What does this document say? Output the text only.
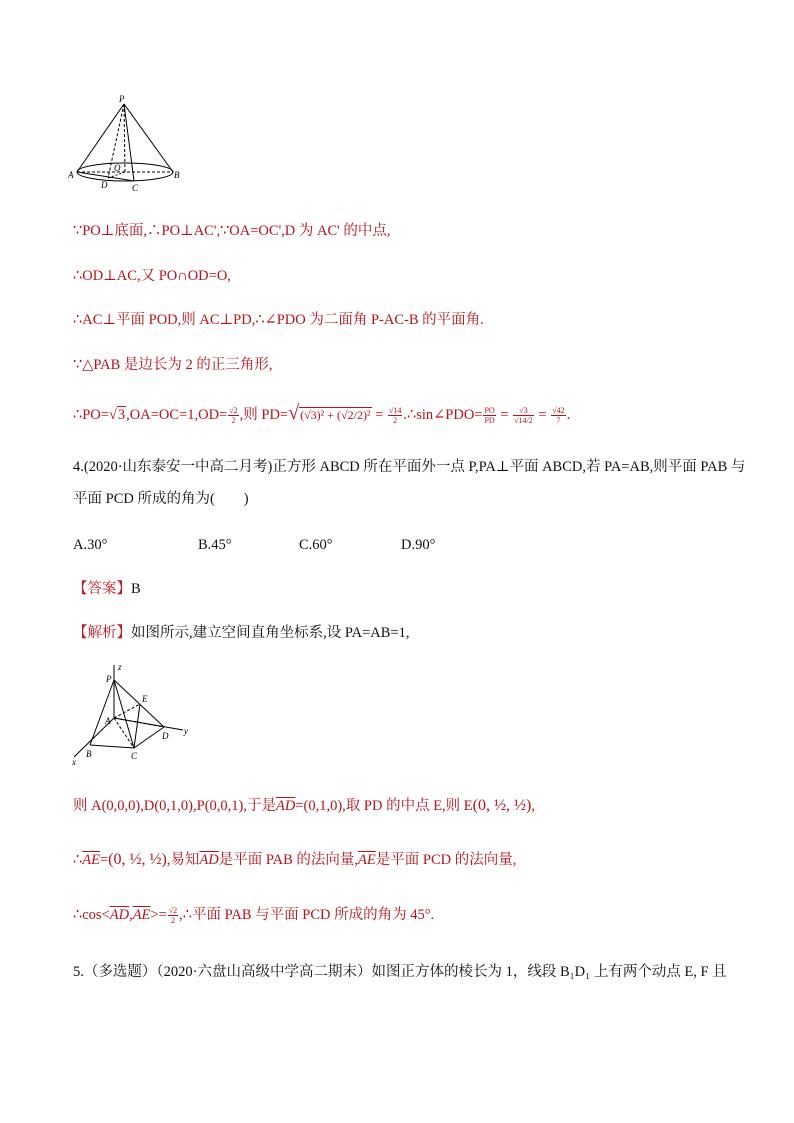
P
A	B
O
D	C
∵PO⊥底面,∴PO⊥AC',∵OA=OC',D 为 AC' 的中点,
∴OD⊥AC,又 PO∩OD=O,
∴AC⊥平面 POD,则 AC⊥PD,∴∠PDO 为二面角 P-AC-B 的平面角.
∵△PAB 是边长为 2 的正三角形,
∴PO=√3,OA=OC=1,OD= $\frac{√2}{2}$ ,则 $PD=√(√3)^2 + (√2/2)^2 = \frac{√14}{2}$ .∴sin∠PDO= $\frac{PO}{PD} = \frac{√3}{√14/2} = \frac{√42}{7}$ .
4.(2020·山东泰安一中高二月考)正方形 ABCD 所在平面外一点 P,PA⊥平面 ABCD,若 PA=AB,则平面 PAB 与
平面 PCD 所成的角为(　　)
A.30°	B.45°	C.60°	D.90°
【答案】B
【解析】如图所示,建立空间直角坐标系,设 PA=AB=1,
z
P
E
A
D y
B	C
x
则 A(0,0,0),D(0,1,0),P(0,0,1),于是$\overline{AD}=(0,1,0)$,取 PD 的中点 E,则 E(0, ½, ½),
$\therefore\overline{AE}=(0$, ½, ½),易知$\overline{AD}$是平面 PAB 的法向量$,\overline{AE}$是平面 PCD 的法向量,
$\therefore\cos<\overline{AD},\overline{AE}>= \frac{√2}{2}$ ,∴平面 PAB 与平面 PCD 所成的角为 45°.
5.（多选题）（2020·六盘山高级中学高二期末）如图正方体的棱长为 1，线段 B₁D₁ 上有两个动点 E, F 且
